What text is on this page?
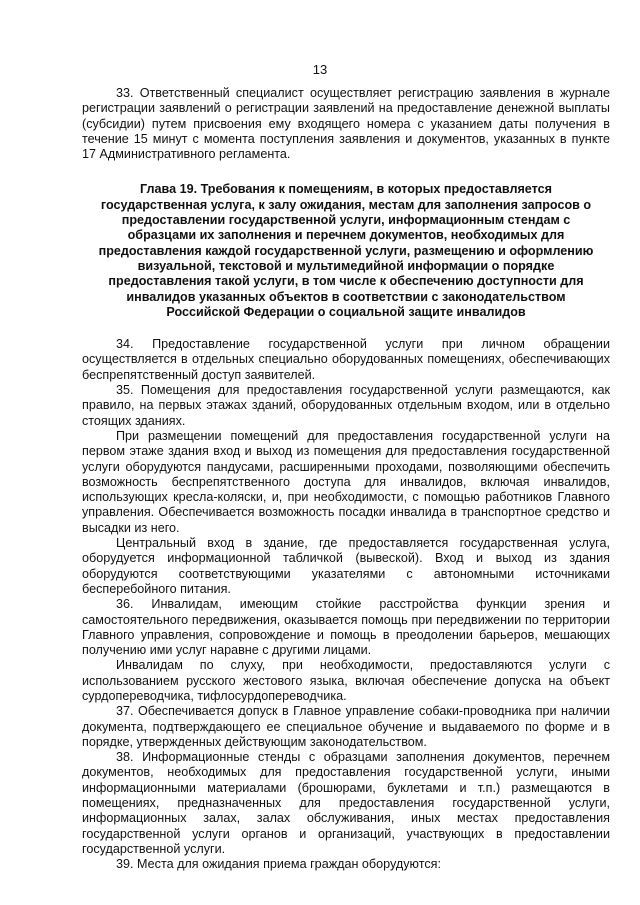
13

33. Ответственный специалист осуществляет регистрацию заявления в журнале регистрации заявлений о регистрации заявлений на предоставление денежной выплаты (субсидии) путем присвоения ему входящего номера с указанием даты получения в течение 15 минут с момента поступления заявления и документов, указанных в пункте 17 Административного регламента.

Глава 19. Требования к помещениям, в которых предоставляется государственная услуга, к залу ожидания, местам для заполнения запросов о предоставлении государственной услуги, информационным стендам с образцами их заполнения и перечнем документов, необходимых для предоставления каждой государственной услуги, размещению и оформлению визуальной, текстовой и мультимедийной информации о порядке предоставления такой услуги, в том числе к обеспечению доступности для инвалидов указанных объектов в соответствии с законодательством Российской Федерации о социальной защите инвалидов

34. Предоставление государственной услуги при личном обращении осуществляется в отдельных специально оборудованных помещениях, обеспечивающих беспрепятственный доступ заявителей.

35. Помещения для предоставления государственной услуги размещаются, как правило, на первых этажах зданий, оборудованных отдельным входом, или в отдельно стоящих зданиях.

При размещении помещений для предоставления государственной услуги на первом этаже здания вход и выход из помещения для предоставления государственной услуги оборудуются пандусами, расширенными проходами, позволяющими обеспечить возможность беспрепятственного доступа для инвалидов, включая инвалидов, использующих кресла-коляски, и, при необходимости, с помощью работников Главного управления. Обеспечивается возможность посадки инвалида в транспортное средство и высадки из него.

Центральный вход в здание, где предоставляется государственная услуга, оборудуется информационной табличкой (вывеской). Вход и выход из здания оборудуются соответствующими указателями с автономными источниками бесперебойного питания.

36. Инвалидам, имеющим стойкие расстройства функции зрения и самостоятельного передвижения, оказывается помощь при передвижении по территории Главного управления, сопровождение и помощь в преодолении барьеров, мешающих получению ими услуг наравне с другими лицами.

Инвалидам по слуху, при необходимости, предоставляются услуги с использованием русского жестового языка, включая обеспечение допуска на объект сурдопереводчика, тифлосурдопереводчика.

37. Обеспечивается допуск в Главное управление собаки-проводника при наличии документа, подтверждающего ее специальное обучение и выдаваемого по форме и в порядке, утвержденных действующим законодательством.

38. Информационные стенды с образцами заполнения документов, перечнем документов, необходимых для предоставления государственной услуги, иными информационными материалами (брошюрами, буклетами и т.п.) размещаются в помещениях, предназначенных для предоставления государственной услуги, информационных залах, залах обслуживания, иных местах предоставления государственной услуги органов и организаций, участвующих в предоставлении государственной услуги.

39. Места для ожидания приема граждан оборудуются:
